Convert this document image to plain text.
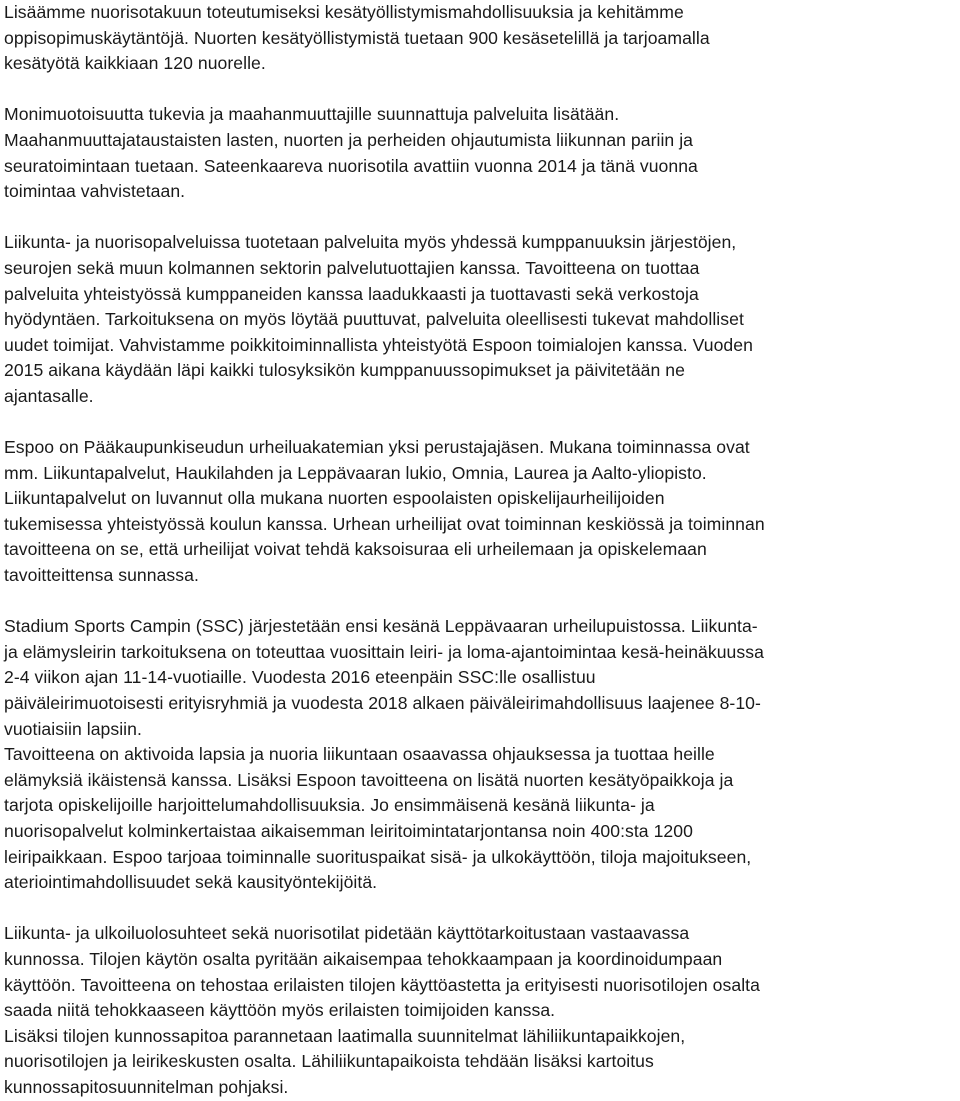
Lisäämme nuorisotakuun toteutumiseksi kesätyöllistymismahdollisuuksia ja kehitämme
oppisopimuskäytäntöjä. Nuorten kesätyöllistymistä tuetaan 900 kesäsetelillä ja tarjoamalla
kesätyötä kaikkiaan 120 nuorelle.

Monimuotoisuutta tukevia ja maahanmuuttajille suunnattuja palveluita lisätään.
Maahanmuuttajataustaisten lasten, nuorten ja perheiden ohjautumista liikunnan pariin ja
seuratoimintaan tuetaan. Sateenkaareva nuorisotila avattiin vuonna 2014 ja tänä vuonna
toimintaa vahvistetaan.

Liikunta- ja nuorisopalveluissa tuotetaan palveluita myös yhdessä kumppanuuksin järjestöjen,
seurojen sekä muun kolmannen sektorin palvelutuottajien kanssa. Tavoitteena on tuottaa
palveluita yhteistyössä kumppaneiden kanssa laadukkaasti ja tuottavasti sekä verkostoja
hyödyntäen. Tarkoituksena on myös löytää puuttuvat, palveluita oleellisesti tukevat mahdolliset
uudet toimijat. Vahvistamme poikkitoiminnallista yhteistyötä Espoon toimialojen kanssa. Vuoden
2015 aikana käydään läpi kaikki tulosyksikön kumppanuussopimukset ja päivitetään ne
ajantasalle.

Espoo on Pääkaupunkiseudun urheiluakatemian yksi perustajajäsen. Mukana toiminnassa ovat
mm. Liikuntapalvelut, Haukilahden ja Leppävaaran lukio, Omnia, Laurea ja Aalto-yliopisto.
Liikuntapalvelut on luvannut olla mukana nuorten espoolaisten opiskelijaurheilijoiden
tukemisessa yhteistyössä koulun kanssa. Urhean urheilijat ovat toiminnan keskiössä ja toiminnan
tavoitteena on se, että urheilijat voivat tehdä kaksoisuraa eli urheilemaan ja opiskelemaan
tavoitteittensa sunnassa.

Stadium Sports Campin (SSC) järjestetään ensi kesänä Leppävaaran urheilupuistossa. Liikunta-
ja elämysleirin tarkoituksena on toteuttaa vuosittain leiri- ja loma-ajantoimintaa kesä-heinäkuussa
2-4 viikon ajan 11-14-vuotiaille. Vuodesta 2016 eteenpäin SSC:lle osallistuu
päiväleirimuotoisesti erityisryhmiä ja vuodesta 2018 alkaen päiväleirimahdollisuus laajenee 8-10-
vuotiaisiin lapsiin.

Tavoitteena on aktivoida lapsia ja nuoria liikuntaan osaavassa ohjauksessa ja tuottaa heille
elämyksiä ikäistensä kanssa. Lisäksi Espoon tavoitteena on lisätä nuorten kesätyöpaikkoja ja
tarjota opiskelijoille harjoittelumahdollisuuksia. Jo ensimmäisenä kesänä liikunta- ja
nuorisopalvelut kolminkertaistaa aikaisemman leiritoimintatarjontansa noin 400:sta 1200
leiripaikkaan. Espoo tarjoaa toiminnalle suorituspaikat sisä- ja ulkokäyttöön, tiloja majoitukseen,
ateriointimahdollisuudet sekä kausityöntekijöitä.

Liikunta- ja ulkoiluolosuhteet sekä nuorisotilat pidetään käyttötarkoitustaan vastaavassa
kunnossa. Tilojen käytön osalta pyritään aikaisempaa tehokkaampaan ja koordinoidumpaan
käyttöön. Tavoitteena on tehostaa erilaisten tilojen käyttöastetta ja erityisesti nuorisotilojen osalta
saada niitä tehokkaaseen käyttöön myös erilaisten toimijoiden kanssa.

Lisäksi tilojen kunnossapitoa parannetaan laatimalla suunnitelmat lähiliikuntapaikkojen,
nuorisotilojen ja leirikeskusten osalta. Lähiliikuntapaikoista tehdään lisäksi kartoitus
kunnossapitosuunnitelman pohjaksi.
